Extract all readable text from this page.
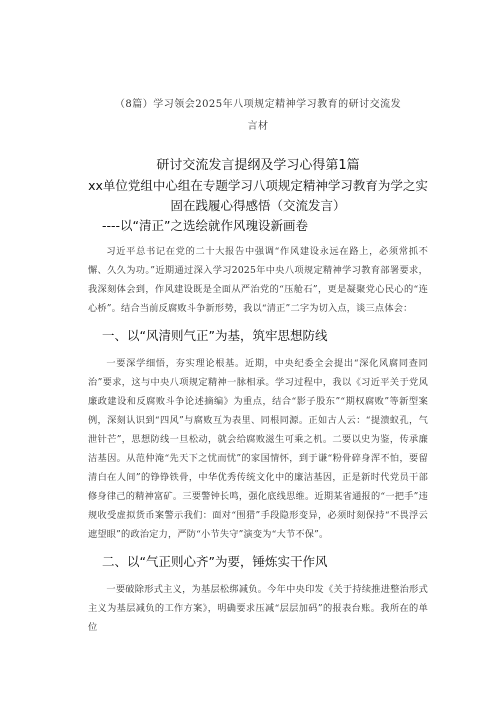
（8篇）学习领会2025年八项规定精神学习教育的研讨交流发
言材

研讨交流发言提纲及学习心得第1篇
xx单位党组中心组在专题学习八项规定精神学习教育为学之实
固在践履心得感悟（交流发言）
----以“清正”之选绘就作风瑰设新画卷

习近平总书记在党的二十大报告中强调“作风建设永远在路上，必须常抓不懈、久久为功。”近期通过深入学习2025年中央八项规定精神学习教育部署要求，我深刻体会到，作风建设既是全面从严治党的“压舱石”，更是凝聚党心民心的“连心桥”。结合当前反腐败斗争新形势，我以“清正”二字为切入点，谈三点体会：

一、以“风清则气正”为基，筑牢思想防线

一要深学细悟，夯实理论根基。近期，中央纪委全会提出“深化风腐同查同治”要求，这与中央八项规定精神一脉相承。学习过程中，我以《习近平关于党风廉政建设和反腐败斗争论述摘编》为重点，结合“影子股东”“期权腐败”等新型案例，深刻认识到“四风”与腐败互为表里、同根同源。正如古人云：“提溃蚁孔，气泄针芒”，思想防线一旦松动，就会给腐败滋生可乘之机。二要以史为鉴，传承廉洁基因。从范仲淹“先天下之忧而忧”的家国情怀，到于谦“粉骨碎身浑不怕，要留清白在人间”的铮铮铁骨，中华优秀传统文化中的廉洁基因，正是新时代党员干部修身律己的精神富矿。三要警钟长鸣，强化底线思维。近期某省通报的“一把手”违规收受虚拟货币案警示我们：面对“围猎”手段隐形变异，必须时刻保持“不畏浮云遮望眼”的政治定力，严防“小节失守”演变为“大节不保”。

二、以“气正则心齐”为要，锤炼实干作风

一要破除形式主义，为基层松绑减负。今年中央印发《关于持续推进整治形式主义为基层减负的工作方案》，明确要求压减“层层加码”的报表台账。我所在的单位
